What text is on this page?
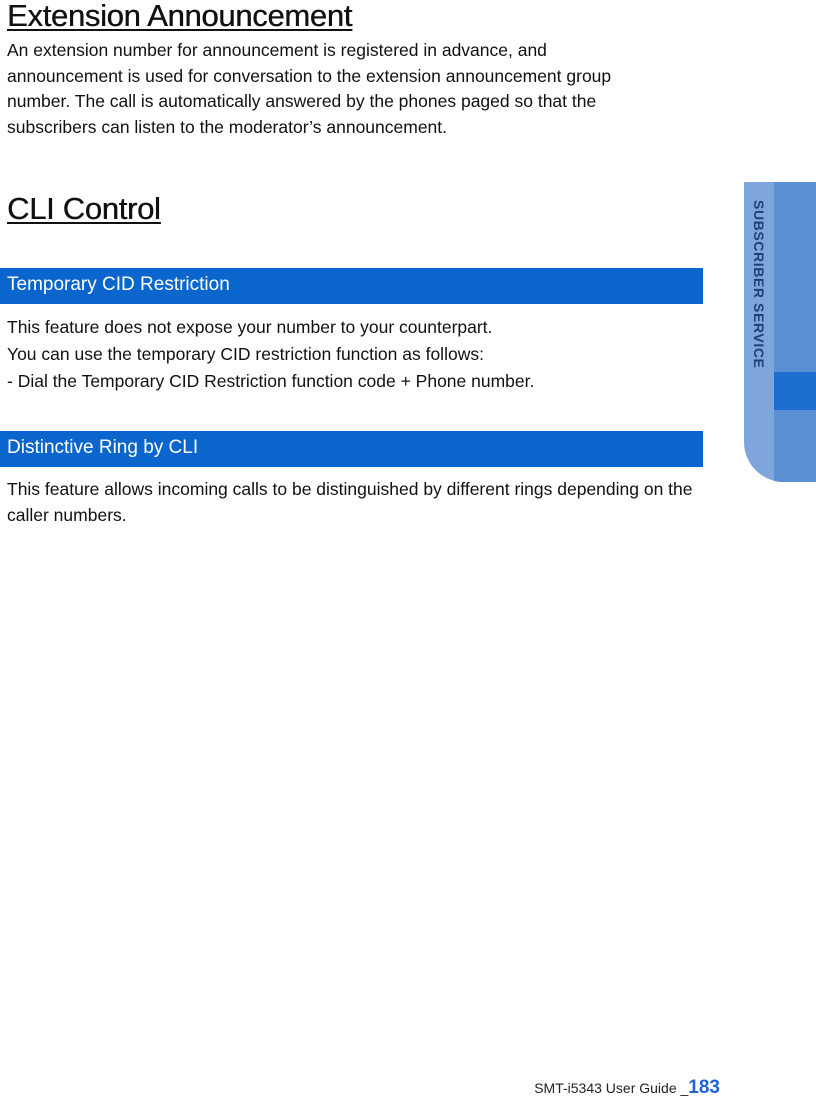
Extension Announcement

An extension number for announcement is registered in advance, and announcement is used for conversation to the extension announcement group number. The call is automatically answered by the phones paged so that the subscribers can listen to the moderator’s announcement.

CLI Control
Temporary CID Restriction

This feature does not expose your number to your counterpart.
You can use the temporary CID restriction function as follows:
- Dial the Temporary CID Restriction function code + Phone number.

Distinctive Ring by CLI

This feature allows incoming calls to be distinguished by different rings depending on the caller numbers.

SUBSCRIBER SERVICE
SMT-i5343 User Guide _183
